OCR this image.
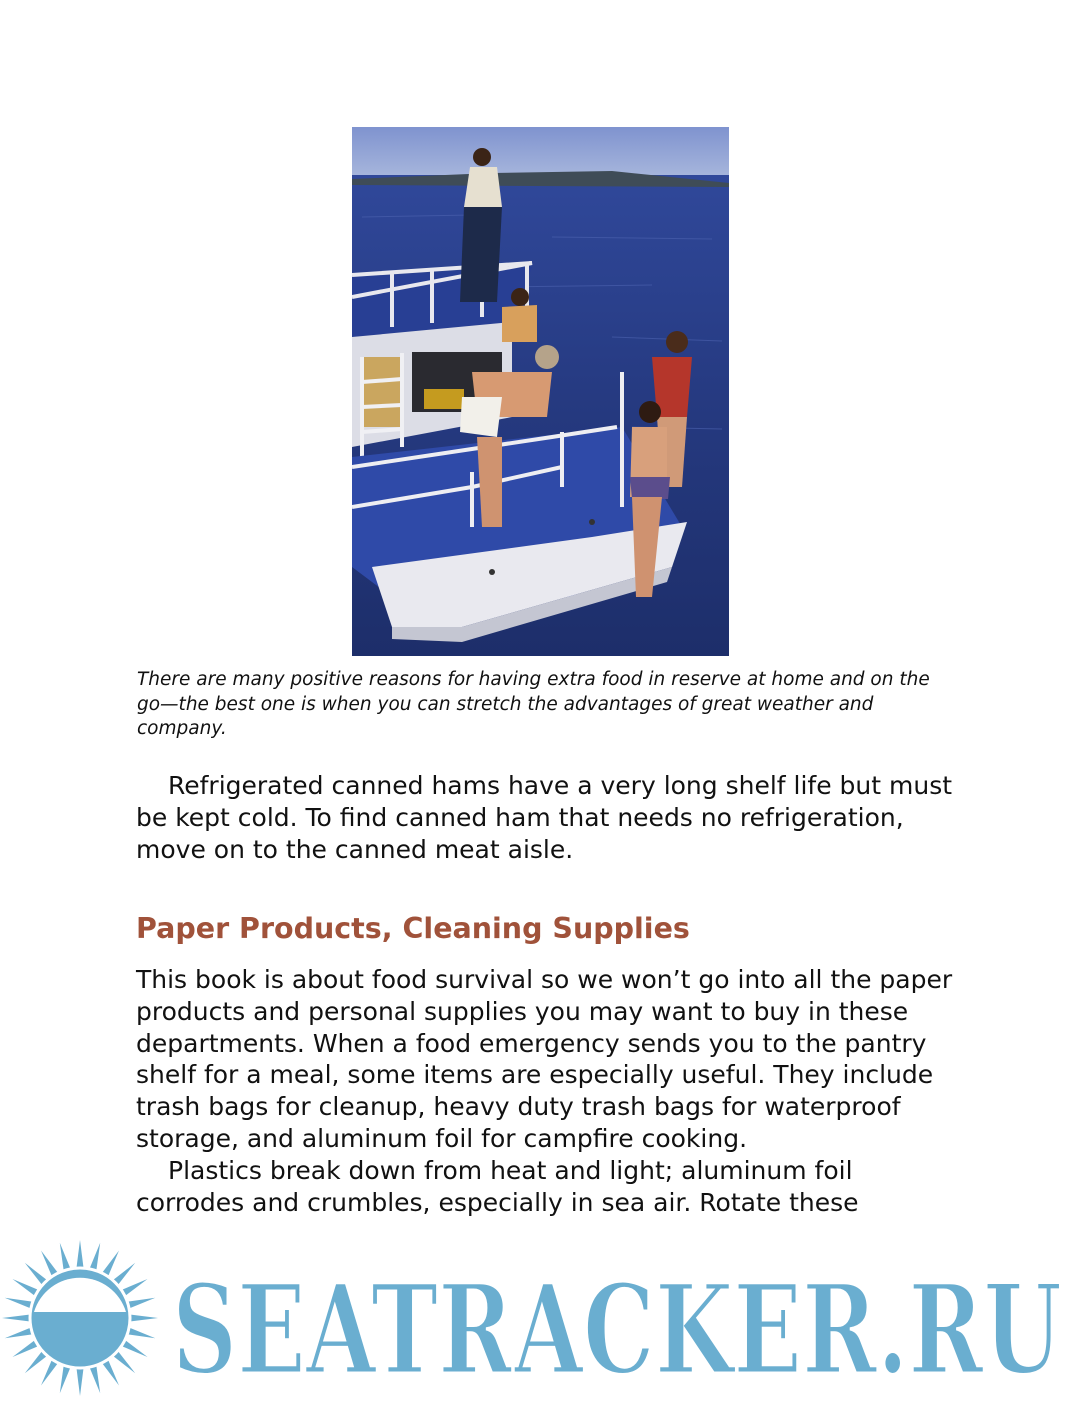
There are many positive reasons for having extra food in reserve at home and on the go—the best one is when you can stretch the advantages of great weather and company.

Refrigerated canned hams have a very long shelf life but must be kept cold. To find canned ham that needs no refrigeration, move on to the canned meat aisle.

Paper Products, Cleaning Supplies

This book is about food survival so we won’t go into all the paper products and personal supplies you may want to buy in these departments. When a food emergency sends you to the pantry shelf for a meal, some items are especially useful. They include trash bags for cleanup, heavy duty trash bags for waterproof storage, and aluminum foil for campfire cooking.

Plastics break down from heat and light; aluminum foil corrodes and crumbles, especially in sea air. Rotate these

SEATRACKER.RU
